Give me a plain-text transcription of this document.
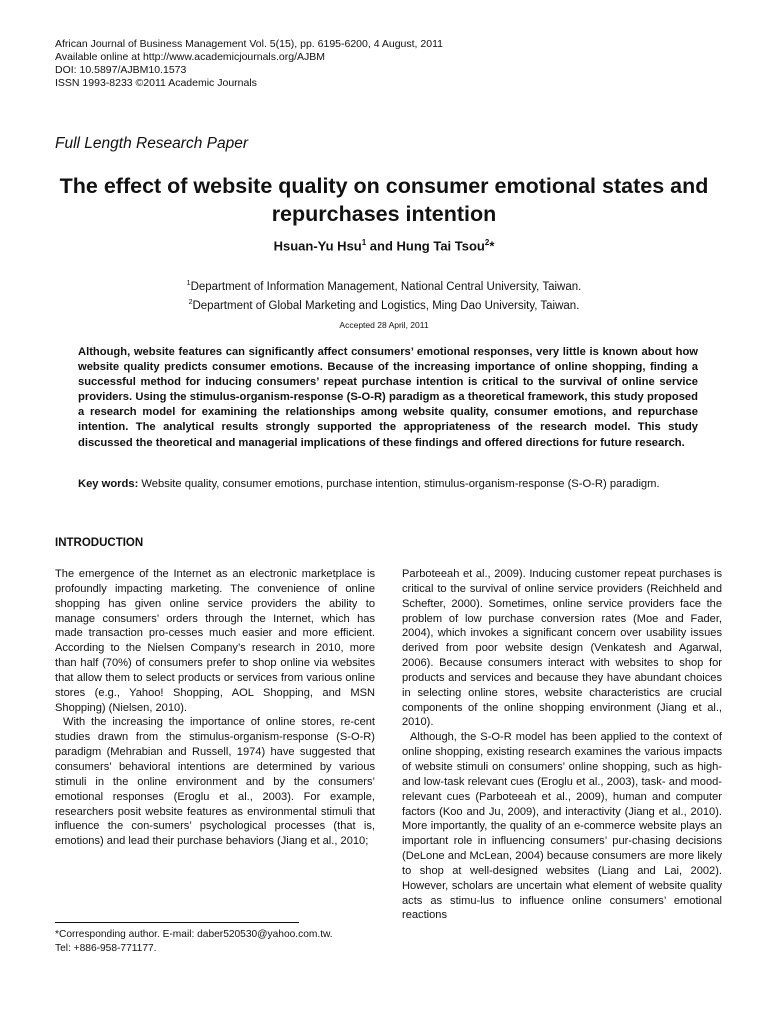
African Journal of Business Management Vol. 5(15), pp. 6195-6200, 4 August, 2011
Available online at http://www.academicjournals.org/AJBM
DOI: 10.5897/AJBM10.1573
ISSN 1993-8233 ©2011 Academic Journals
Full Length Research Paper
The effect of website quality on consumer emotional states and repurchases intention
Hsuan-Yu Hsu$^1$ and Hung Tai Tsou$^2$*
$^1$Department of Information Management, National Central University, Taiwan.
$^2$Department of Global Marketing and Logistics, Ming Dao University, Taiwan.
Accepted 28 April, 2011
Although, website features can significantly affect consumers’ emotional responses, very little is known about how website quality predicts consumer emotions. Because of the increasing importance of online shopping, finding a successful method for inducing consumers’ repeat purchase intention is critical to the survival of online service providers. Using the stimulus-organism-response (S-O-R) paradigm as a theoretical framework, this study proposed a research model for examining the relationships among website quality, consumer emotions, and repurchase intention. The analytical results strongly supported the appropriateness of the research model. This study discussed the theoretical and managerial implications of these findings and offered directions for future research.
Key words: Website quality, consumer emotions, purchase intention, stimulus-organism-response (S-O-R) paradigm.
INTRODUCTION

The emergence of the Internet as an electronic marketplace is profoundly impacting marketing. The convenience of online shopping has given online service providers the ability to manage consumers’ orders through the Internet, which has made transaction pro-cesses much easier and more efficient. According to the Nielsen Company’s research in 2010, more than half (70%) of consumers prefer to shop online via websites that allow them to select products or services from various online stores (e.g., Yahoo! Shopping, AOL Shopping, and MSN Shopping) (Nielsen, 2010).

With the increasing the importance of online stores, re-cent studies drawn from the stimulus-organism-response (S-O-R) paradigm (Mehrabian and Russell, 1974) have suggested that consumers’ behavioral intentions are determined by various stimuli in the online environment and by the consumers’ emotional responses (Eroglu et al., 2003). For example, researchers posit website features as environmental stimuli that influence the con-sumers’ psychological processes (that is, emotions) and lead their purchase behaviors (Jiang et al., 2010;

Parboteeah et al., 2009). Inducing customer repeat purchases is critical to the survival of online service providers (Reichheld and Schefter, 2000). Sometimes, online service providers face the problem of low purchase conversion rates (Moe and Fader, 2004), which invokes a significant concern over usability issues derived from poor website design (Venkatesh and Agarwal, 2006). Because consumers interact with websites to shop for products and services and because they have abundant choices in selecting online stores, website characteristics are crucial components of the online shopping environment (Jiang et al., 2010).

Although, the S-O-R model has been applied to the context of online shopping, existing research examines the various impacts of website stimuli on consumers’ online shopping, such as high- and low-task relevant cues (Eroglu et al., 2003), task- and mood-relevant cues (Parboteeah et al., 2009), human and computer factors (Koo and Ju, 2009), and interactivity (Jiang et al., 2010). More importantly, the quality of an e-commerce website plays an important role in influencing consumers’ pur-chasing decisions (DeLone and McLean, 2004) because consumers are more likely to shop at well-designed websites (Liang and Lai, 2002). However, scholars are uncertain what element of website quality acts as stimu-lus to influence online consumers’ emotional reactions

*Corresponding author. E-mail: daber520530@yahoo.com.tw.
Tel: +886-958-771177.
